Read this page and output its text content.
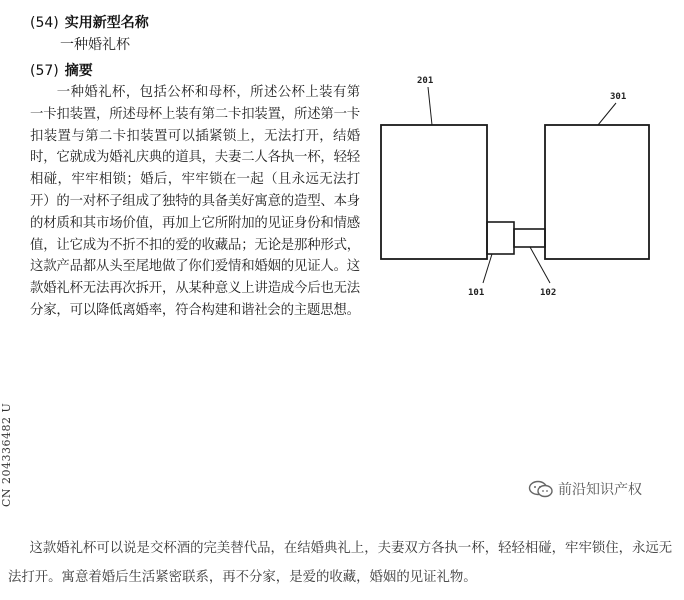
(54) 实用新型名称
一种婚礼杯
(57) 摘要

一种婚礼杯，包括公杯和母杯，所述公杯上装有第一卡扣装置，所述母杯上装有第二卡扣装置，所述第一卡扣装置与第二卡扣装置可以插紧锁上，无法打开，结婚时，它就成为婚礼庆典的道具，夫妻二人各执一杯，轻轻相碰，牢牢相锁；婚后，牢牢锁在一起（且永远无法打开）的一对杯子组成了独特的具备美好寓意的造型、本身的材质和其市场价值，再加上它所附加的见证身份和情感值，让它成为不折不扣的爱的收藏品；无论是那种形式，这款产品都从头至尾地做了你们爱情和婚姻的见证人。这款婚礼杯无法再次拆开，从某种意义上讲造成今后也无法分家，可以降低离婚率，符合构建和谐社会的主题思想。

CN 204336482 U
201
301
101	102
前沿知识产权

这款婚礼杯可以说是交杯酒的完美替代品，在结婚典礼上，夫妻双方各执一杯，轻轻相碰，牢牢锁住，永远无法打开。寓意着婚后生活紧密联系，再不分家，是爱的收藏，婚姻的见证礼物。
